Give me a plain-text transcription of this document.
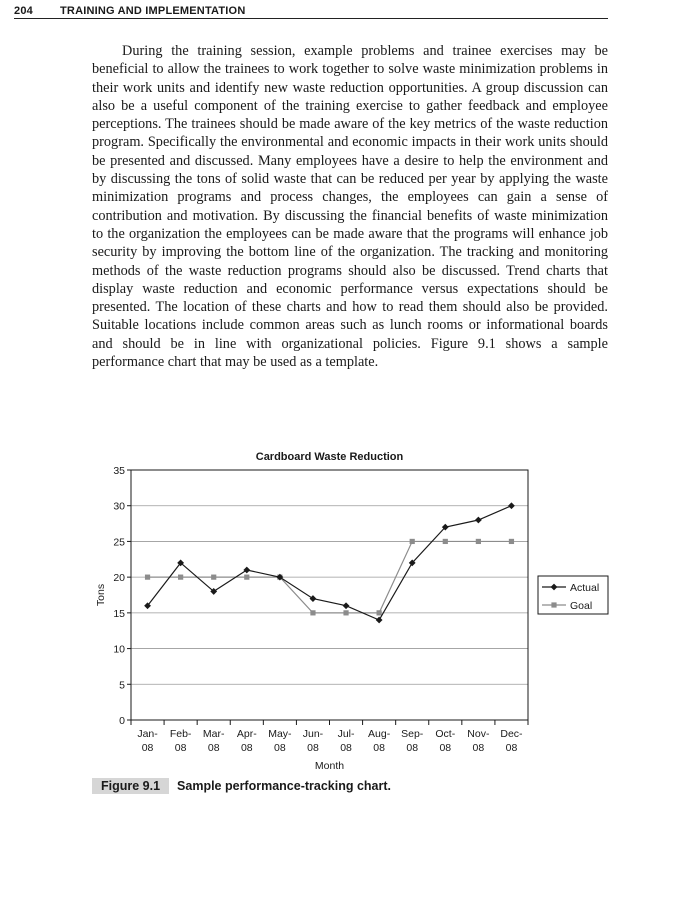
204 TRAINING AND IMPLEMENTATION

During the training session, example problems and trainee exercises may be beneficial to allow the trainees to work together to solve waste minimization problems in their work units and identify new waste reduction opportunities. A group discussion can also be a useful component of the training exercise to gather feedback and employee perceptions. The trainees should be made aware of the key metrics of the waste reduction program. Specifically the environmental and economic impacts in their work units should be presented and discussed. Many employees have a desire to help the environment and by discussing the tons of solid waste that can be reduced per year by applying the waste minimization programs and process changes, the employees can gain a sense of contribution and motivation. By discussing the financial benefits of waste minimization to the organization the employees can be made aware that the programs will enhance job security by improving the bottom line of the organization. The tracking and monitoring methods of the waste reduction programs should also be discussed. Trend charts that display waste reduction and economic performance versus expectations should be presented. The location of these charts and how to read them should also be provided. Suitable locations include common areas such as lunch rooms or informational boards and should be in line with organizational policies. Figure 9.1 shows a sample performance chart that may be used as a template.

Cardboard Waste Reduction
0
5
10
15
20
25
30
35
Jan-
08
Feb-
08
Mar-
08
Apr-
08
May-
08
Jun-
08
Jul-
08
Aug-
08
Sep-
08
Oct-
08
Nov-
08
Dec-
08
Month
Tons	Actual
Goal
Figure 9.1 Sample performance-tracking chart.
